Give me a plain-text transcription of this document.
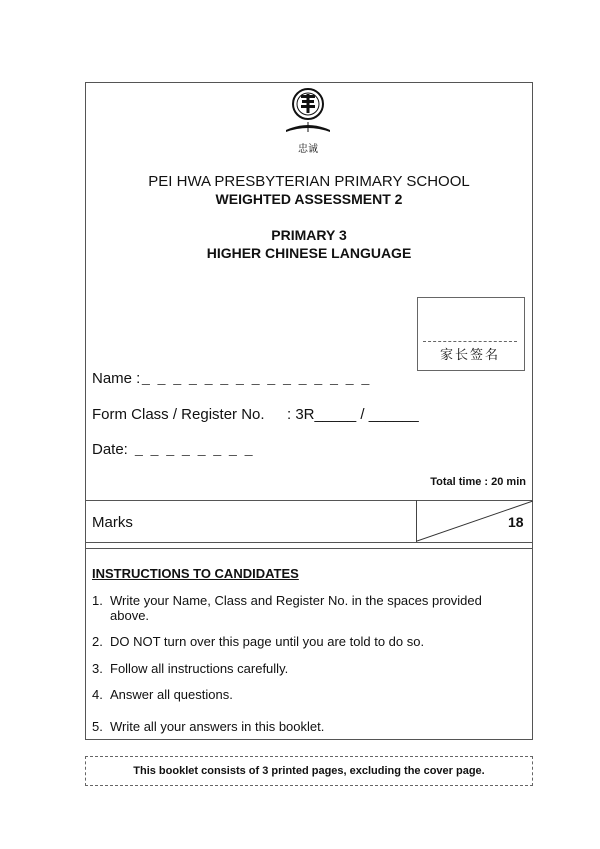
忠诚
PEI HWA PRESBYTERIAN PRIMARY SCHOOL
WEIGHTED ASSESSMENT 2
PRIMARY 3
HIGHER CHINESE LANGUAGE
家长签名
Name : _ _ _ _ _ _ _ _ _ _ _ _ _ _ _
Form Class / Register No. : 3R_____ / ______
Date: _ _ _ _ _ _ _ _
Total time : 20 min
Marks	18
INSTRUCTIONS TO CANDIDATES
1. Write your Name, Class and Register No. in the spaces provided
above.
2. DO NOT turn over this page until you are told to do so.
3. Follow all instructions carefully.
4. Answer all questions.
5. Write all your answers in this booklet.
This booklet consists of 3 printed pages, excluding the cover page.
